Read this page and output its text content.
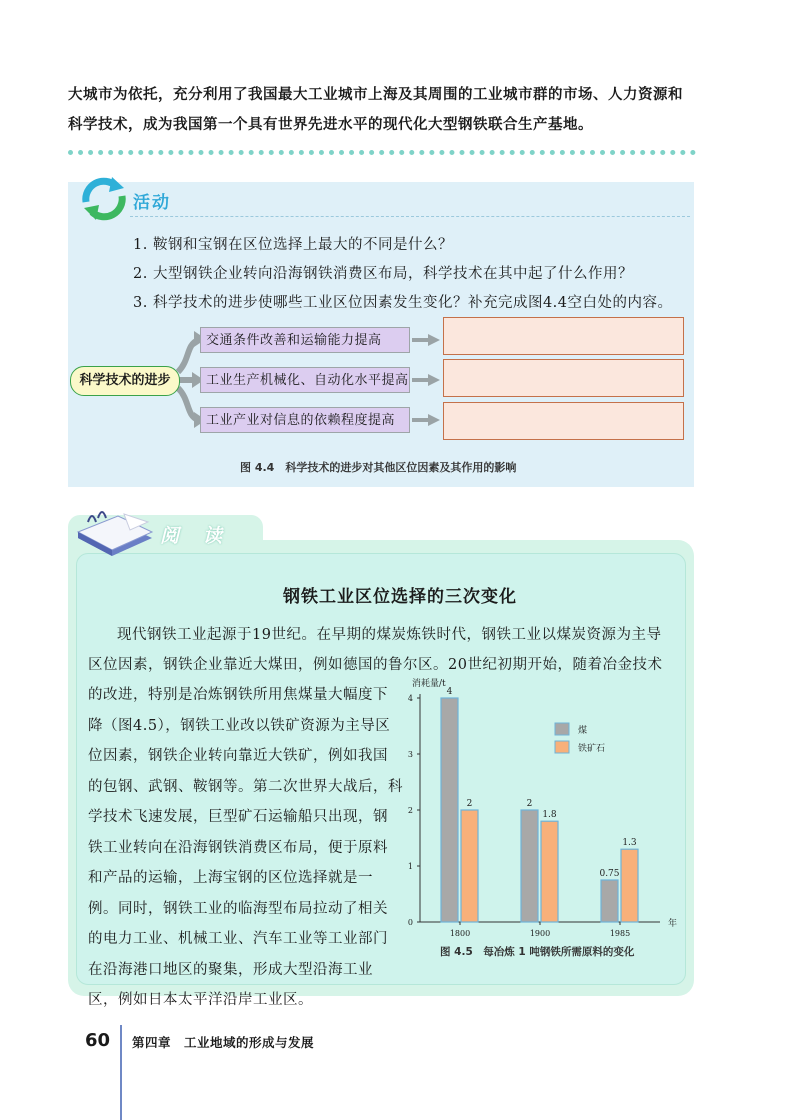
大城市为依托，充分利用了我国最大工业城市上海及其周围的工业城市群的市场、人力资源和
科学技术，成为我国第一个具有世界先进水平的现代化大型钢铁联合生产基地。
活动
1. 鞍钢和宝钢在区位选择上最大的不同是什么？
2. 大型钢铁企业转向沿海钢铁消费区布局，科学技术在其中起了什么作用？
3. 科学技术的进步使哪些工业区位因素发生变化？补充完成图4.4空白处的内容。
科学技术的进步
交通条件改善和运输能力提高
工业生产机械化、自动化水平提高
工业产业对信息的依赖程度提高
图 4.4　科学技术的进步对其他区位因素及其作用的影响
阅读
钢铁工业区位选择的三次变化
现代钢铁工业起源于19世纪。在早期的煤炭炼铁时代，钢铁工业以煤炭资源为主导
区位因素，钢铁企业靠近大煤田，例如德国的鲁尔区。20世纪初期开始，随着冶金技术
的改进，特别是冶炼钢铁所用焦煤量大幅度下
降（图4.5），钢铁工业改以铁矿资源为主导区
位因素，钢铁企业转向靠近大铁矿，例如我国
的包钢、武钢、鞍钢等。第二次世界大战后，科
学技术飞速发展，巨型矿石运输船只出现，钢
铁工业转向在沿海钢铁消费区布局，便于原料
和产品的运输，上海宝钢的区位选择就是一
例。同时，钢铁工业的临海型布局拉动了相关
的电力工业、机械工业、汽车工业等工业部门
在沿海港口地区的聚集，形成大型沿海工业
区，例如日本太平洋沿岸工业区。
消耗量/t
年
0
1
2
3
4
1800
4
2
1900
2
1.8
1985
0.75
1.3
煤
铁矿石
图 4.5　每冶炼 1 吨钢铁所需原料的变化
60 第四章　工业地域的形成与发展
